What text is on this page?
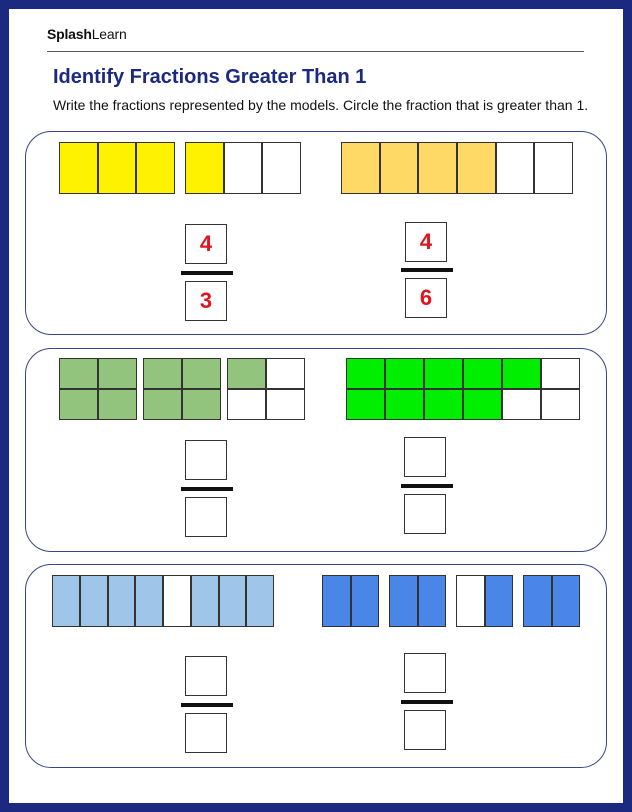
SplashLearn
Identify Fractions Greater Than 1
Write the fractions represented by the models. Circle the fraction that is greater than 1.
4
3
4
6
